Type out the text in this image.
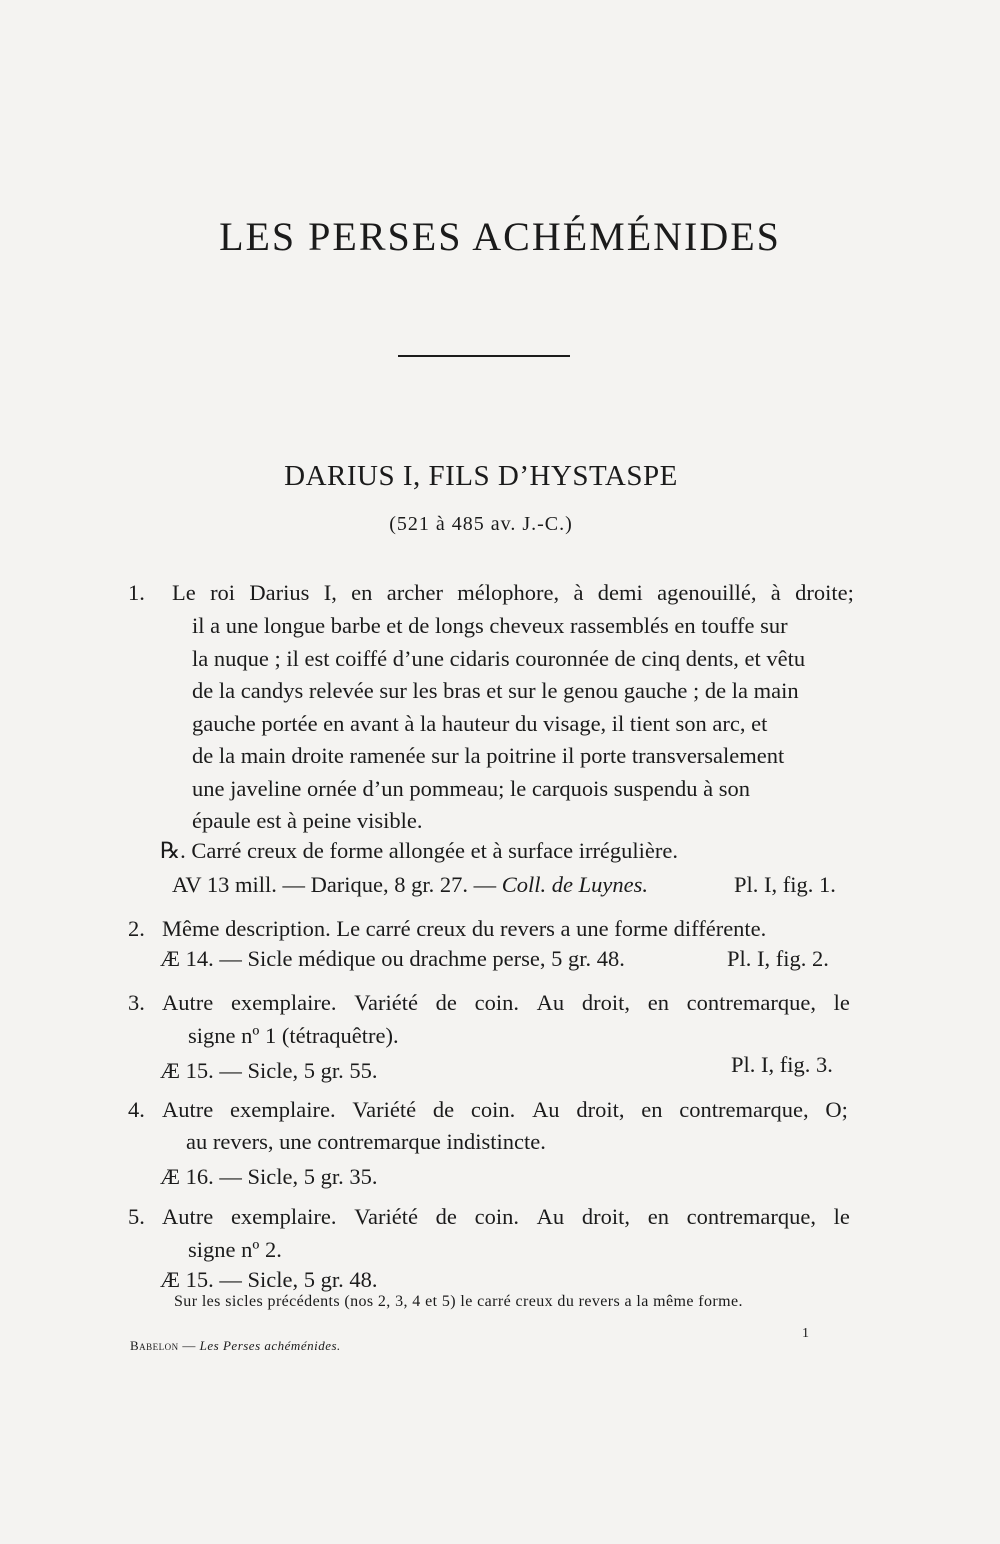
LES PERSES ACHÉMÉNIDES
DARIUS I, FILS D’HYSTASPE
(521 à 485 av. J.-C.)
1. Le roi Darius I, en archer mélophore, à demi agenouillé, à droite;
il a une longue barbe et de longs cheveux rassemblés en touffe sur
la nuque ; il est coiffé d’une cidaris couronnée de cinq dents, et vêtu
de la candys relevée sur les bras et sur le genou gauche ; de la main
gauche portée en avant à la hauteur du visage, il tient son arc, et
de la main droite ramenée sur la poitrine il porte transversalement
une javeline ornée d’un pommeau; le carquois suspendu à son
épaule est à peine visible.
℞. Carré creux de forme allongée et à surface irrégulière.
AV 13 mill. — Darique, 8 gr. 27. — Coll. de Luynes.	Pl. I, fig. 1.
2. Même description. Le carré creux du revers a une forme différente.
Æ 14. — Sicle médique ou drachme perse, 5 gr. 48.	Pl. I, fig. 2.
3. Autre exemplaire. Variété de coin. Au droit, en contremarque, le
signe nº 1 (tétraquêtre).
Æ 15. — Sicle, 5 gr. 55.	Pl. I, fig. 3.
4. Autre exemplaire. Variété de coin. Au droit, en contremarque, O;
au revers, une contremarque indistincte.
Æ 16. — Sicle, 5 gr. 35.
5. Autre exemplaire. Variété de coin. Au droit, en contremarque, le
signe nº 2.
Æ 15. — Sicle, 5 gr. 48.
Sur les sicles précédents (nos 2, 3, 4 et 5) le carré creux du revers a la même forme.
Babelon — Les Perses achéménides.
1
